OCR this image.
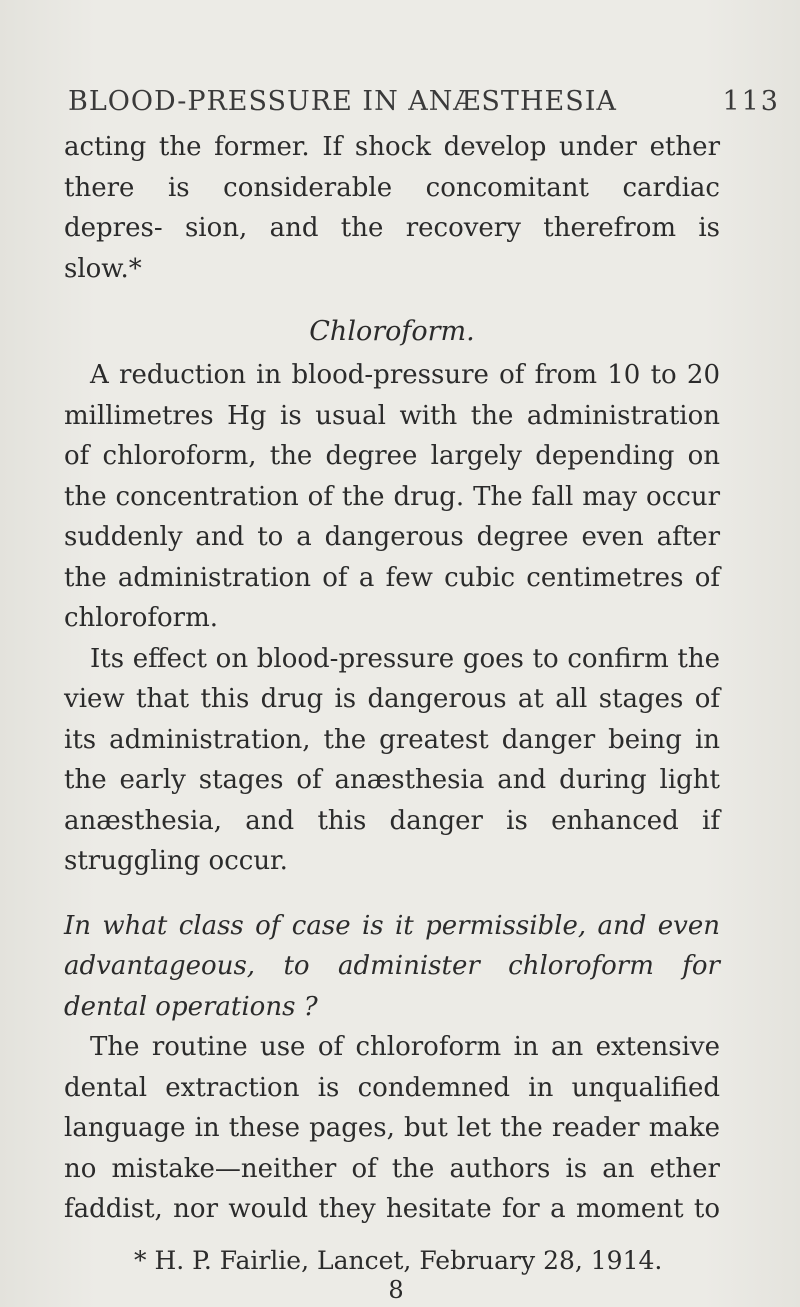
BLOOD-PRESSURE IN ANÆSTHESIA	113

acting the former. If shock develop under ether there is considerable concomitant cardiac depres- sion, and the recovery therefrom is slow.*

Chloroform.

A reduction in blood-pressure of from 10 to 20 millimetres Hg is usual with the administration of chloroform, the degree largely depending on the concentration of the drug. The fall may occur suddenly and to a dangerous degree even after the administration of a few cubic centimetres of chloroform.

Its effect on blood-pressure goes to confirm the view that this drug is dangerous at all stages of its administration, the greatest danger being in the early stages of anæsthesia and during light anæsthesia, and this danger is enhanced if struggling occur.

In what class of case is it permissible, and even advantageous, to administer chloroform for dental operations ?

The routine use of chloroform in an extensive dental extraction is condemned in unqualified language in these pages, but let the reader make no mistake—neither of the authors is an ether faddist, nor would they hesitate for a moment to

* H. P. Fairlie, Lancet, February 28, 1914.
8
